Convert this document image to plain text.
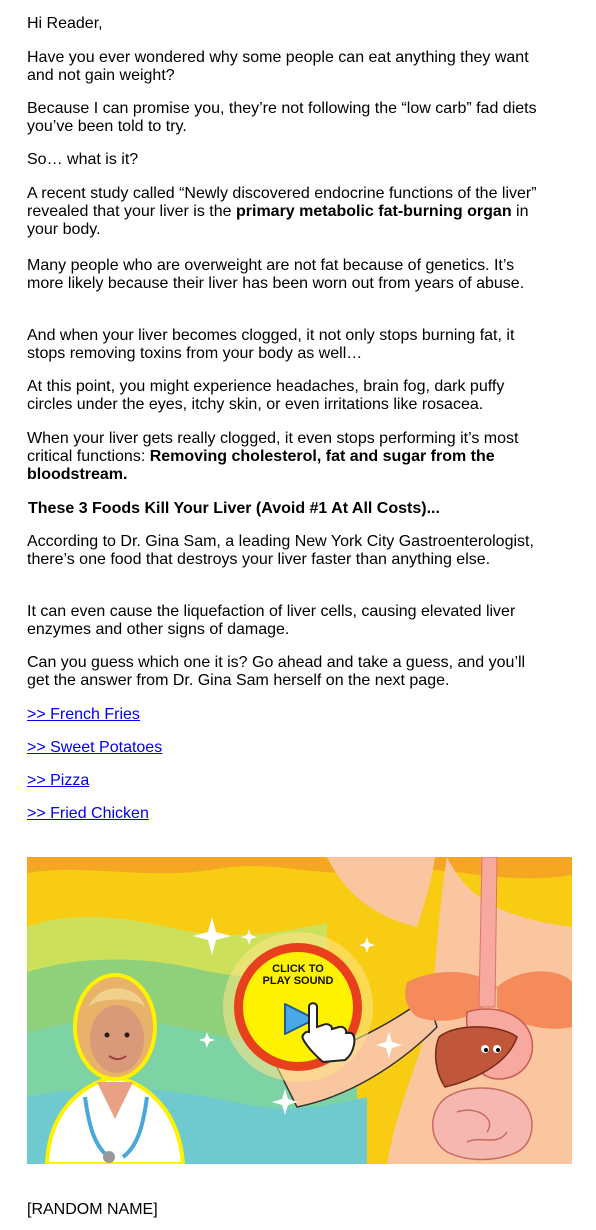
Hi Reader,

Have you ever wondered why some people can eat anything they want and not gain weight?

Because I can promise you, they’re not following the “low carb” fad diets you’ve been told to try.

So… what is it?

A recent study called “Newly discovered endocrine functions of the liver” revealed that your liver is the primary metabolic fat-burning organ in your body.

Many people who are overweight are not fat because of genetics. It’s more likely because their liver has been worn out from years of abuse.

And when your liver becomes clogged, it not only stops burning fat, it stops removing toxins from your body as well…

At this point, you might experience headaches, brain fog, dark puffy circles under the eyes, itchy skin, or even irritations like rosacea.

When your liver gets really clogged, it even stops performing it’s most critical functions: Removing cholesterol, fat and sugar from the bloodstream.

These 3 Foods Kill Your Liver (Avoid #1 At All Costs)...

According to Dr. Gina Sam, a leading New York City Gastroenterologist, there’s one food that destroys your liver faster than anything else.

It can even cause the liquefaction of liver cells, causing elevated liver enzymes and other signs of damage.

Can you guess which one it is? Go ahead and take a guess, and you’ll get the answer from Dr. Gina Sam herself on the next page.

>> French Fries
>> Sweet Potatoes
>> Pizza
>> Fried Chicken
CLICK TO
PLAY SOUND
[RANDOM NAME]
